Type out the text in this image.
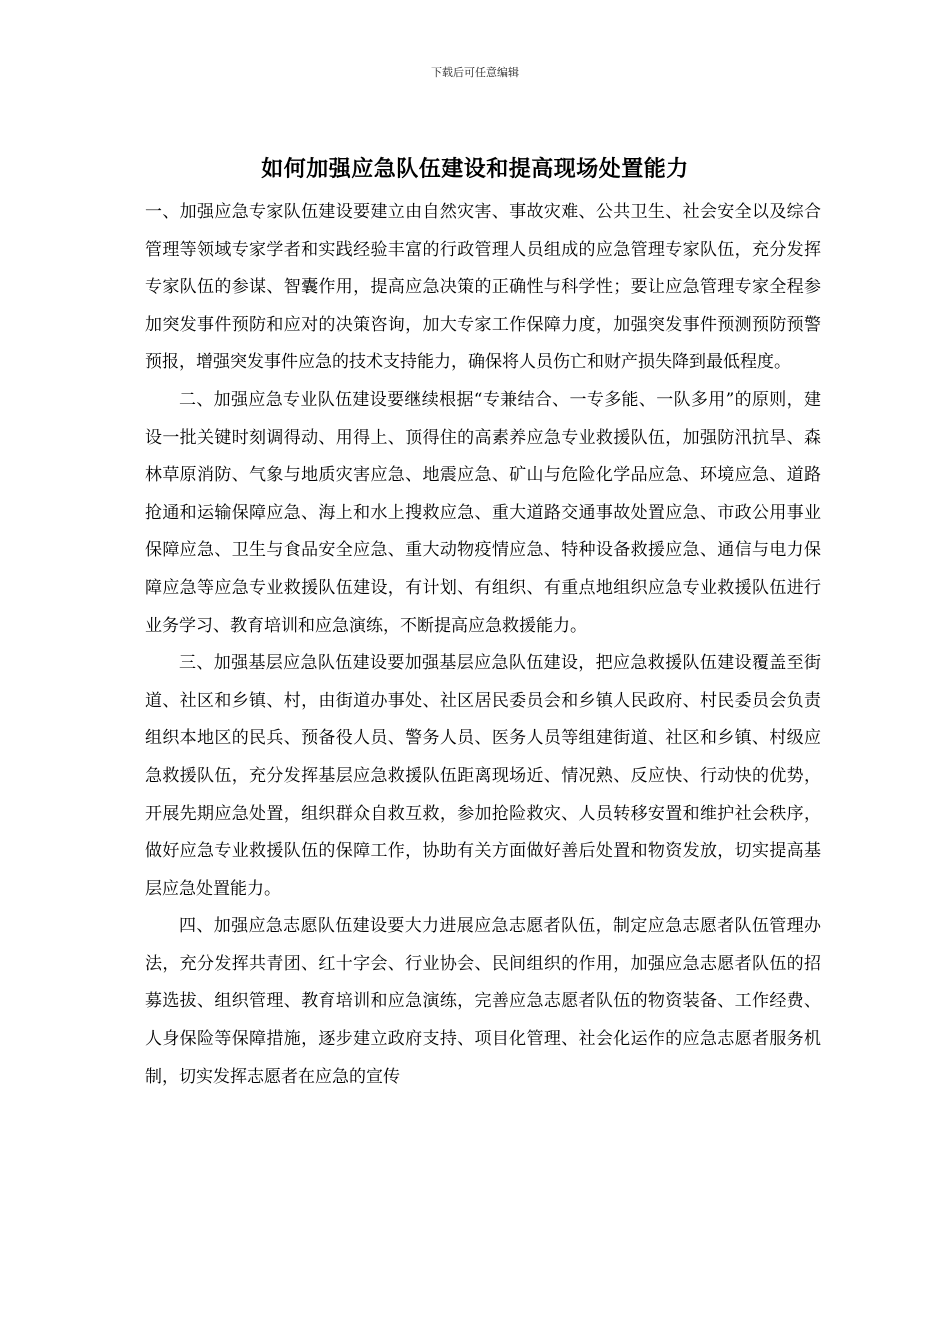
下载后可任意编辑
如何加强应急队伍建设和提高现场处置能力

一、加强应急专家队伍建设要建立由自然灾害、事故灾难、公共卫生、社会安全以及综合管理等领域专家学者和实践经验丰富的行政管理人员组成的应急管理专家队伍，充分发挥专家队伍的参谋、智囊作用，提高应急决策的正确性与科学性；要让应急管理专家全程参加突发事件预防和应对的决策咨询，加大专家工作保障力度，加强突发事件预测预防预警预报，增强突发事件应急的技术支持能力，确保将人员伤亡和财产损失降到最低程度。

二、加强应急专业队伍建设要继续根据“专兼结合、一专多能、一队多用”的原则，建设一批关键时刻调得动、用得上、顶得住的高素养应急专业救援队伍，加强防汛抗旱、森林草原消防、气象与地质灾害应急、地震应急、矿山与危险化学品应急、环境应急、道路抢通和运输保障应急、海上和水上搜救应急、重大道路交通事故处置应急、市政公用事业保障应急、卫生与食品安全应急、重大动物疫情应急、特种设备救援应急、通信与电力保障应急等应急专业救援队伍建设，有计划、有组织、有重点地组织应急专业救援队伍进行业务学习、教育培训和应急演练，不断提高应急救援能力。

三、加强基层应急队伍建设要加强基层应急队伍建设，把应急救援队伍建设覆盖至街道、社区和乡镇、村，由街道办事处、社区居民委员会和乡镇人民政府、村民委员会负责组织本地区的民兵、预备役人员、警务人员、医务人员等组建街道、社区和乡镇、村级应急救援队伍，充分发挥基层应急救援队伍距离现场近、情况熟、反应快、行动快的优势，开展先期应急处置，组织群众自救互救，参加抢险救灾、人员转移安置和维护社会秩序，做好应急专业救援队伍的保障工作，协助有关方面做好善后处置和物资发放，切实提高基层应急处置能力。

四、加强应急志愿队伍建设要大力进展应急志愿者队伍，制定应急志愿者队伍管理办法，充分发挥共青团、红十字会、行业协会、民间组织的作用，加强应急志愿者队伍的招募选拔、组织管理、教育培训和应急演练，完善应急志愿者队伍的物资装备、工作经费、人身保险等保障措施，逐步建立政府支持、项目化管理、社会化运作的应急志愿者服务机制，切实发挥志愿者在应急的宣传
